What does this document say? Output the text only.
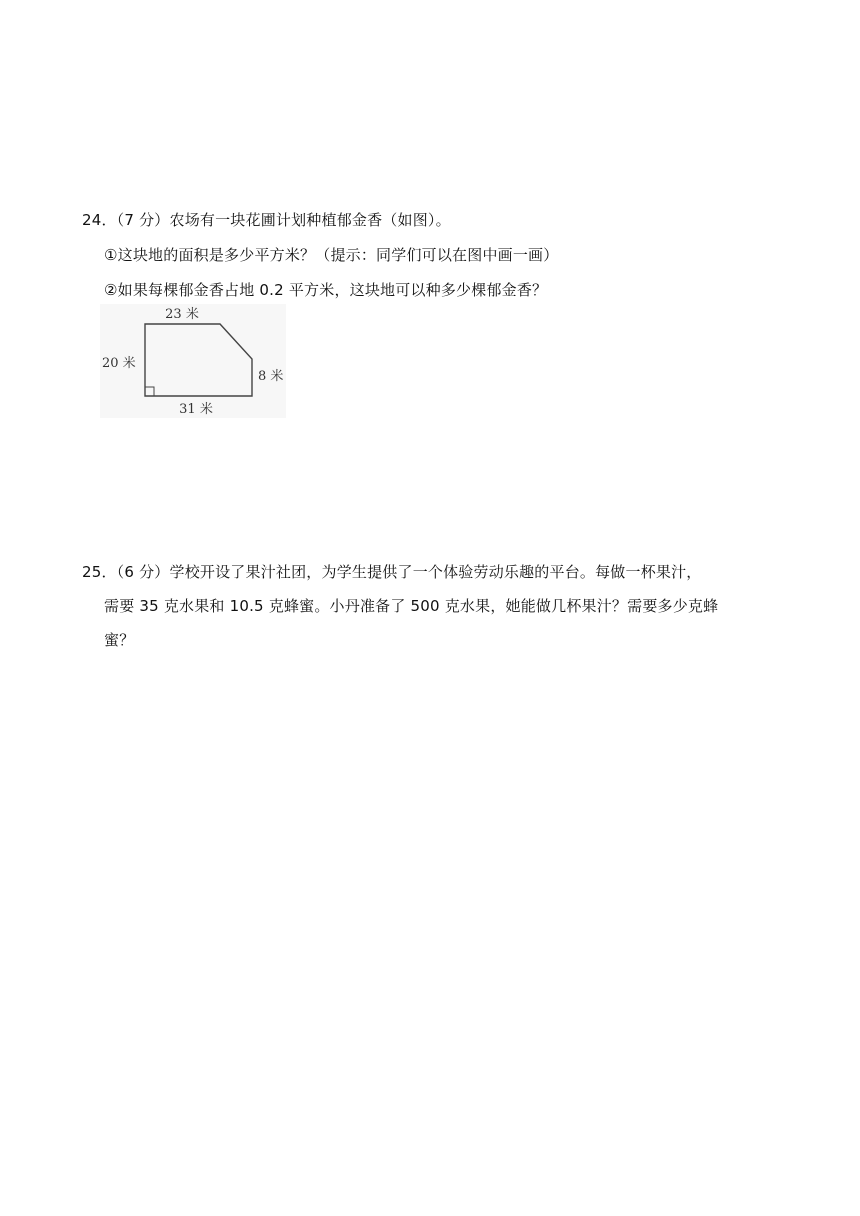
24．（7 分）农场有一块花圃计划种植郁金香（如图）。
①这块地的面积是多少平方米？（提示：同学们可以在图中画一画）
②如果每棵郁金香占地 0.2 平方米，这块地可以种多少棵郁金香？
23 米
20 米
8 米
31 米
25．（6 分）学校开设了果汁社团，为学生提供了一个体验劳动乐趣的平台。每做一杯果汁，
需要 35 克水果和 10.5 克蜂蜜。小丹准备了 500 克水果，她能做几杯果汁？需要多少克蜂
蜜？
